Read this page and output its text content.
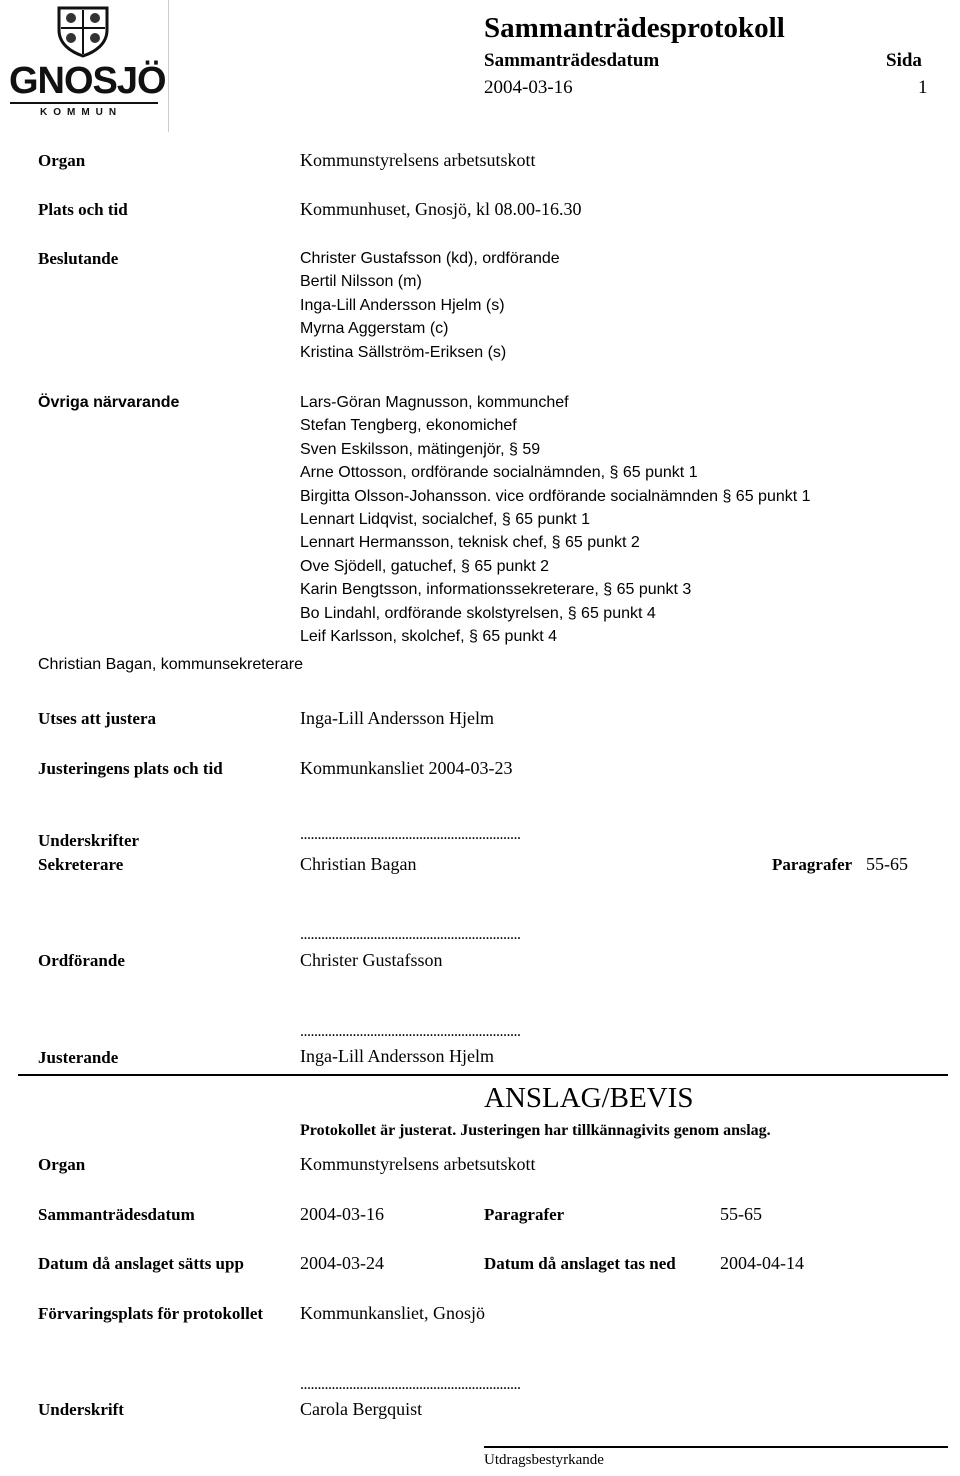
GNOSJÖ
KOMMUN
Sammanträdesprotokoll
Sammanträdesdatum	Sida
2004-03-16	1
Organ	Kommunstyrelsens arbetsutskott
Plats och tid	Kommunhuset, Gnosjö, kl 08.00-16.30
Beslutande	Christer Gustafsson (kd), ordförande
Bertil Nilsson (m)
Inga-Lill Andersson Hjelm (s)
Myrna Aggerstam (c)
Kristina Sällström-Eriksen (s)
Övriga närvarande	Lars-Göran Magnusson, kommunchef
Stefan Tengberg, ekonomichef
Sven Eskilsson, mätingenjör, § 59
Arne Ottosson, ordförande socialnämnden, § 65 punkt 1
Birgitta Olsson-Johansson. vice ordförande socialnämnden § 65 punkt 1
Lennart Lidqvist, socialchef, § 65 punkt 1
Lennart Hermansson, teknisk chef, § 65 punkt 2
Ove Sjödell, gatuchef, § 65 punkt 2
Karin Bengtsson, informationssekreterare, § 65 punkt 3
Bo Lindahl, ordförande skolstyrelsen, § 65 punkt 4
Leif Karlsson, skolchef, § 65 punkt 4
Christian Bagan, kommunsekreterare
Utses att justera	Inga-Lill Andersson Hjelm
Justeringens plats och tid	Kommunkansliet 2004-03-23
Underskrifter	...............................................................
Sekreterare	Christian Bagan	Paragrafer 55-65
...............................................................
Ordförande	Christer Gustafsson
...............................................................
Justerande	Inga-Lill Andersson Hjelm
ANSLAG/BEVIS
Protokollet är justerat. Justeringen har tillkännagivits genom anslag.
Organ	Kommunstyrelsens arbetsutskott
Sammanträdesdatum	2004-03-16	Paragrafer	55-65
Datum då anslaget sätts upp	2004-03-24	Datum då anslaget tas ned 2004-04-14
Förvaringsplats för protokollet Kommunkansliet, Gnosjö
...............................................................
Underskrift	Carola Bergquist
Utdragsbestyrkande
